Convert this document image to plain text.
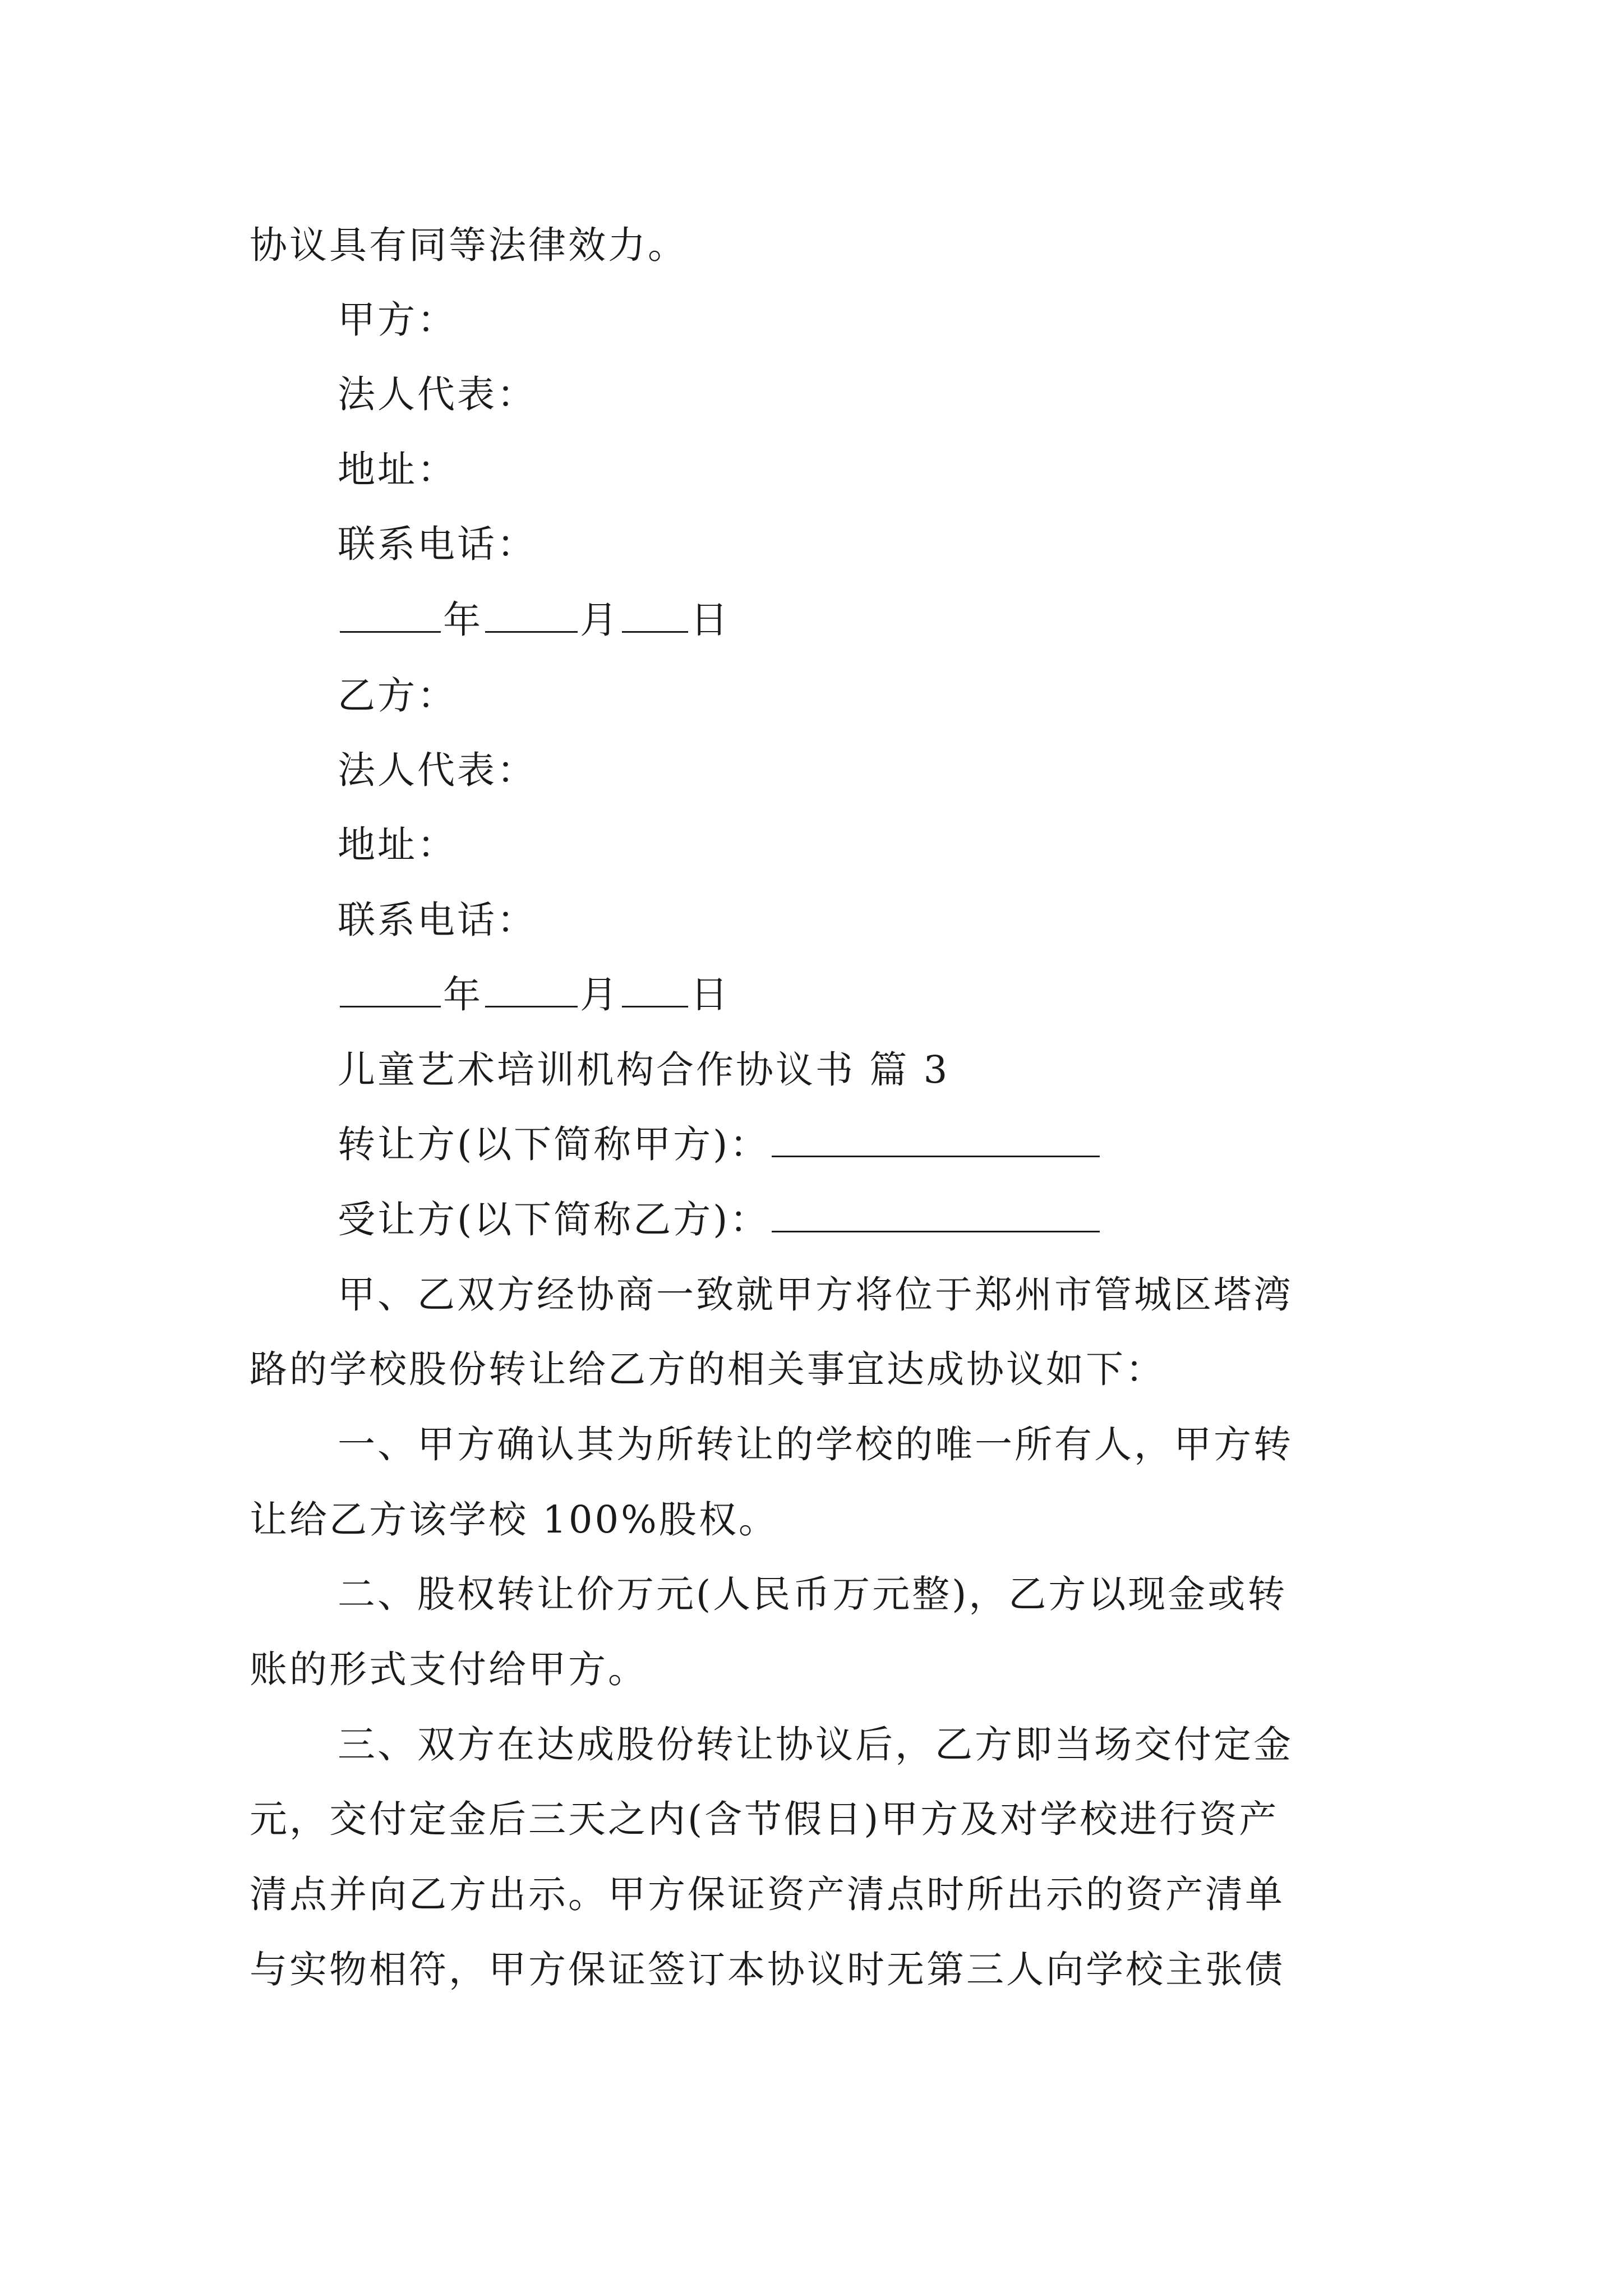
协议具有同等法律效力。
甲方：
法人代表：
地址：
联系电话：
年	月 日
乙方：
法人代表：
地址：
联系电话：
年	月 日
儿童艺术培训机构合作协议书 篇 3
转让方(以下简称甲方)：
受让方(以下简称乙方)：
甲、乙双方经协商一致就甲方将位于郑州市管城区塔湾
路的学校股份转让给乙方的相关事宜达成协议如下：
一、甲方确认其为所转让的学校的唯一所有人，甲方转
让给乙方该学校 100%股权。
二、股权转让价万元(人民币万元整)，乙方以现金或转
账的形式支付给甲方。
三、双方在达成股份转让协议后，乙方即当场交付定金
元，交付定金后三天之内(含节假日)甲方及对学校进行资产
清点并向乙方出示。甲方保证资产清点时所出示的资产清单
与实物相符，甲方保证签订本协议时无第三人向学校主张债
